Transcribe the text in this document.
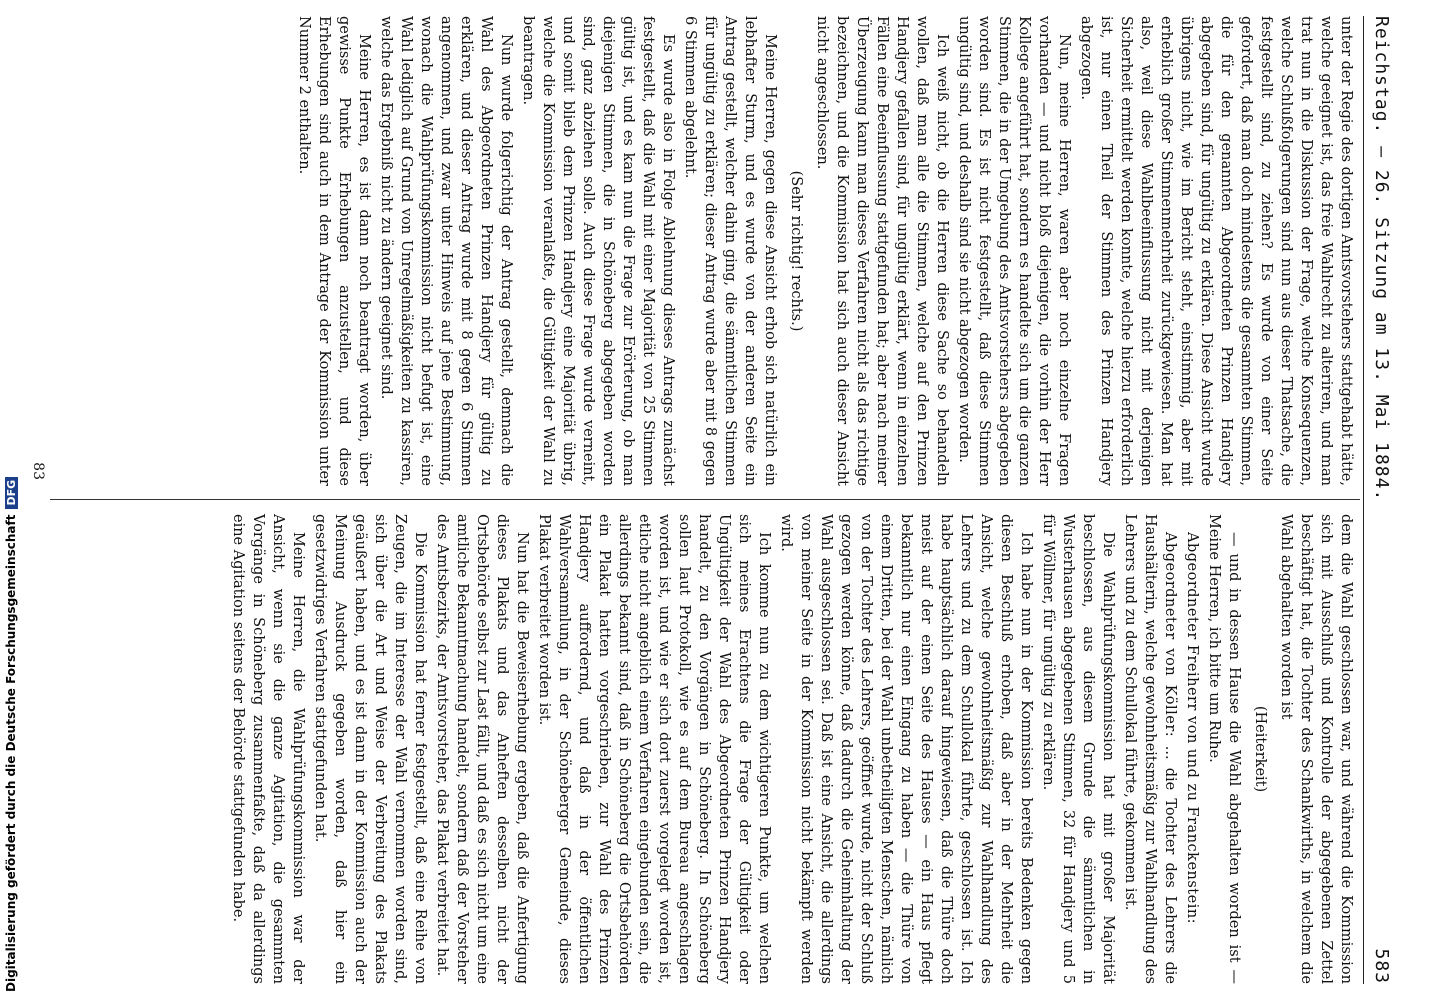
Reichstag. — 26. Sitzung am 13. Mai 1884.
583

unter der Regie des dortigen Amtsvorstehers stattgehabt hätte, welche geeignet ist, das freie Wahlrecht zu alteriren, und man trat nun in die Diskussion der Frage, welche Konsequenzen, welche Schlußfolgerungen sind nun aus dieser Thatsache, die festgestellt sind, zu ziehen? Es wurde von einer Seite gefordert, daß man doch mindestens die gesammten Stimmen, die für den genannten Abgeordneten Prinzen Handjery abgegeben sind, für ungültig zu erklären. Diese Ansicht wurde übrigens nicht, wie im Bericht steht, einstimmig, aber mit erheblich großer Stimmenmehrheit zurückgewiesen. Man hat also, weil diese Wahlbeeinflussung nicht mit derjenigen Sicherheit ermittelt werden konnte, welche hierzu erforderlich ist, nur einen Theil der Stimmen des Prinzen Handjery abgezogen.

Nun, meine Herren, waren aber noch einzelne Fragen vorhanden — und nicht bloß diejenigen, die vorhin der Herr Kollege angeführt hat, sondern es handelte sich um die ganzen Stimmen, die in der Umgebung des Amtsvorstehers abgegeben worden sind. Es ist nicht festgestellt, daß diese Stimmen ungültig sind, und deshalb sind sie nicht abgezogen worden.

Ich weiß nicht, ob die Herren diese Sache so behandeln wollen, daß man alle die Stimmen, welche auf den Prinzen Handjery gefallen sind, für ungültig erklärt, wenn in einzelnen Fällen eine Beeinflussung stattgefunden hat; aber nach meiner Überzeugung kann man dieses Verfahren nicht als das richtige bezeichnen, und die Kommission hat sich auch dieser Ansicht nicht angeschlossen.

(Sehr richtig! rechts.)

Meine Herren, gegen diese Ansicht erhob sich natürlich ein lebhafter Sturm, und es wurde von der anderen Seite ein Antrag gestellt, welcher dahin ging, die sämmtlichen Stimmen für ungültig zu erklären; dieser Antrag wurde aber mit 8 gegen 6 Stimmen abgelehnt.

Es wurde also in Folge Ablehnung dieses Antrags zunächst festgestellt, daß die Wahl mit einer Majorität von 25 Stimmen gültig ist, und es kam nun die Frage zur Erörterung, ob man diejenigen Stimmen, die in Schöneberg abgegeben worden sind, ganz abziehen solle. Auch diese Frage wurde verneint, und somit blieb dem Prinzen Handjery eine Majorität übrig, welche die Kommission veranlaßte, die Gültigkeit der Wahl zu beantragen.

Nun wurde folgerichtig der Antrag gestellt, demnach die Wahl des Abgeordneten Prinzen Handjery für gültig zu erklären, und dieser Antrag wurde mit 8 gegen 6 Stimmen angenommen, und zwar unter Hinweis auf jene Bestimmung, wonach die Wahlprüfungskommission nicht befugt ist, eine Wahl lediglich auf Grund von Unregelmäßigkeiten zu kassiren, welche das Ergebniß nicht zu ändern geeignet sind.

Meine Herren, es ist dann noch beantragt worden, über gewisse Punkte Erhebungen anzustellen, und diese Erhebungen sind auch in dem Antrage der Kommission unter Nummer 2 enthalten.

dem die Wahl geschlossen war, und während die Kommission sich mit Ausschluß und Kontrolle der abgegebenen Zettel beschäftigt hat, die Tochter des Schankwirths, in welchem die Wahl abgehalten worden ist

(Heiterkeit)

— und in dessen Hause die Wahl abgehalten worden ist — Meine Herren, ich bitte um Ruhe.

Abgeordneter Freiherr von und zu Franckenstein:

Abgeordneter von Köller: ... die Tochter des Lehrers die Haushälterin, welche gewohnheitsmäßig zur Wahlhandlung des Lehrers und zu dem Schullokal führte, gekommen ist.

Die Wahlprüfungskommission hat mit großer Majorität beschlossen, aus diesem Grunde die sämmtlichen in Wusterhausen abgegebenen Stimmen, 32 für Handjery und 5 für Wöllmer, für ungültig zu erklären.

Ich habe nun in der Kommission bereits Bedenken gegen diesen Beschluß erhoben, daß aber in der Mehrheit die Ansicht, welche gewohnheitsmäßig zur Wahlhandlung des Lehrers und zu dem Schullokal führte, geschlossen ist. Ich habe hauptsächlich darauf hingewiesen, daß die Thüre doch meist auf der einen Seite des Hauses — ein Haus pflegt bekanntlich nur einen Eingang zu haben — die Thüre von einem Dritten, bei der Wahl unbetheiligten Menschen, nämlich von der Tochter des Lehrers, geöffnet wurde, nicht der Schluß gezogen werden könne, daß dadurch die Geheimhaltung der Wahl ausgeschlossen sei. Daß ist eine Ansicht, die allerdings von meiner Seite in der Kommission nicht bekämpft werden wird.

Ich komme nun zu dem wichtigeren Punkte, um welchen sich meines Erachtens die Frage der Gültigkeit oder Ungültigkeit der Wahl des Abgeordneten Prinzen Handjery handelt, zu den Vorgängen in Schöneberg. In Schöneberg sollen laut Protokoll, wie es auf dem Bureau angeschlagen worden ist, und wie er sich dort zuerst vorgelegt worden ist, etliche nicht angeblich einem Verfahren eingebunden sein, die allerdings bekannt sind, daß in Schöneberg die Ortsbehörden ein Plakat hatten vorgeschrieben, zur Wahl des Prinzen Handjery auffordernd, und daß in der öffentlichen Wahlversammlung, in der Schöneberger Gemeinde, dieses Plakat verbreitet worden ist.

Nun hat die Beweiserhebung ergeben, daß die Anfertigung dieses Plakats und das Anheften desselben nicht der Ortsbehörde selbst zur Last fällt, und daß es sich nicht um eine amtliche Bekanntmachung handelt, sondern daß der Vorsteher des Amtsbezirks, der Amtsvorsteher, das Plakat verbreitet hat.

Die Kommission hat ferner festgestellt, daß eine Reihe von Zeugen, die im Interesse der Wahl vernommen worden sind, sich über die Art und Weise der Verbreitung des Plakats geäußert haben, und es ist dann in der Kommission auch der Meinung Ausdruck gegeben worden, daß hier ein gesetzwidriges Verfahren stattgefunden hat.

Meine Herren, die Wahlprüfungskommission war der Ansicht, wenn sie die ganze Agitation, die gesammten Vorgänge in Schöneberg zusammenfaßte, daß da allerdings eine Agitation seitens der Behörde stattgefunden habe.

83
Digitalisierung gefördert durch die Deutsche ForschungsgemeinschaftDFG
